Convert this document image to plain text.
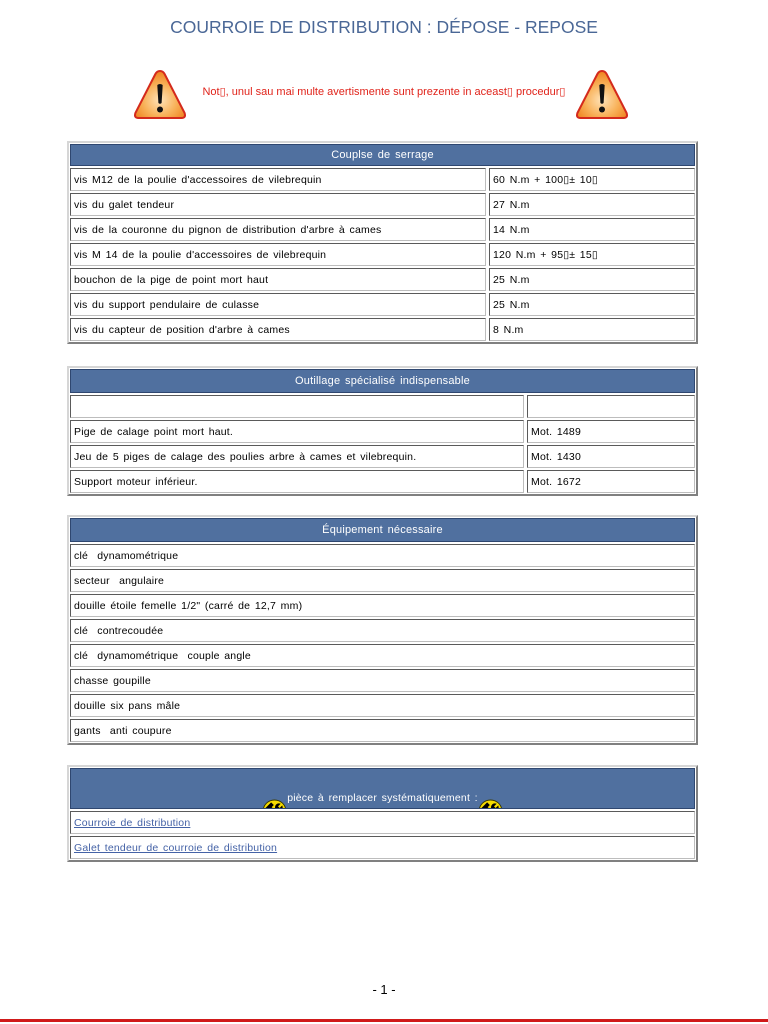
COURROIE DE DISTRIBUTION : DÉPOSE - REPOSE
Not▯, unul sau mai multe avertismente sunt prezente in aceast▯ procedur▯
Couplse de serrage
vis M12 de la poulie d'accessoires de vilebrequin	60 N.m + 100▯± 10▯
vis du galet tendeur	27 N.m
vis de la couronne du pignon de distribution d'arbre à cames	14 N.m
vis M 14 de la poulie d'accessoires de vilebrequin	120 N.m + 95▯± 15▯
bouchon de la pige de point mort haut	25 N.m
vis du support pendulaire de culasse	25 N.m
vis du capteur de position d'arbre à cames	8 N.m
Outillage spécialisé indispensable
Pige de calage point mort haut.	Mot. 1489
Jeu de 5 piges de calage des poulies arbre à cames et vilebrequin.	Mot. 1430
Support moteur inférieur.	Mot. 1672
Équipement nécessaire
clé  dynamométrique
secteur  angulaire
douille étoile femelle 1/2" (carré de 12,7 mm)
clé  contrecoudée
clé  dynamométrique  couple angle
chasse goupille
douille six pans mâle
gants  anti coupure

pièce à remplacer systématiquement :

Courroie de distribution
Galet tendeur de courroie de distribution
- 1 -
